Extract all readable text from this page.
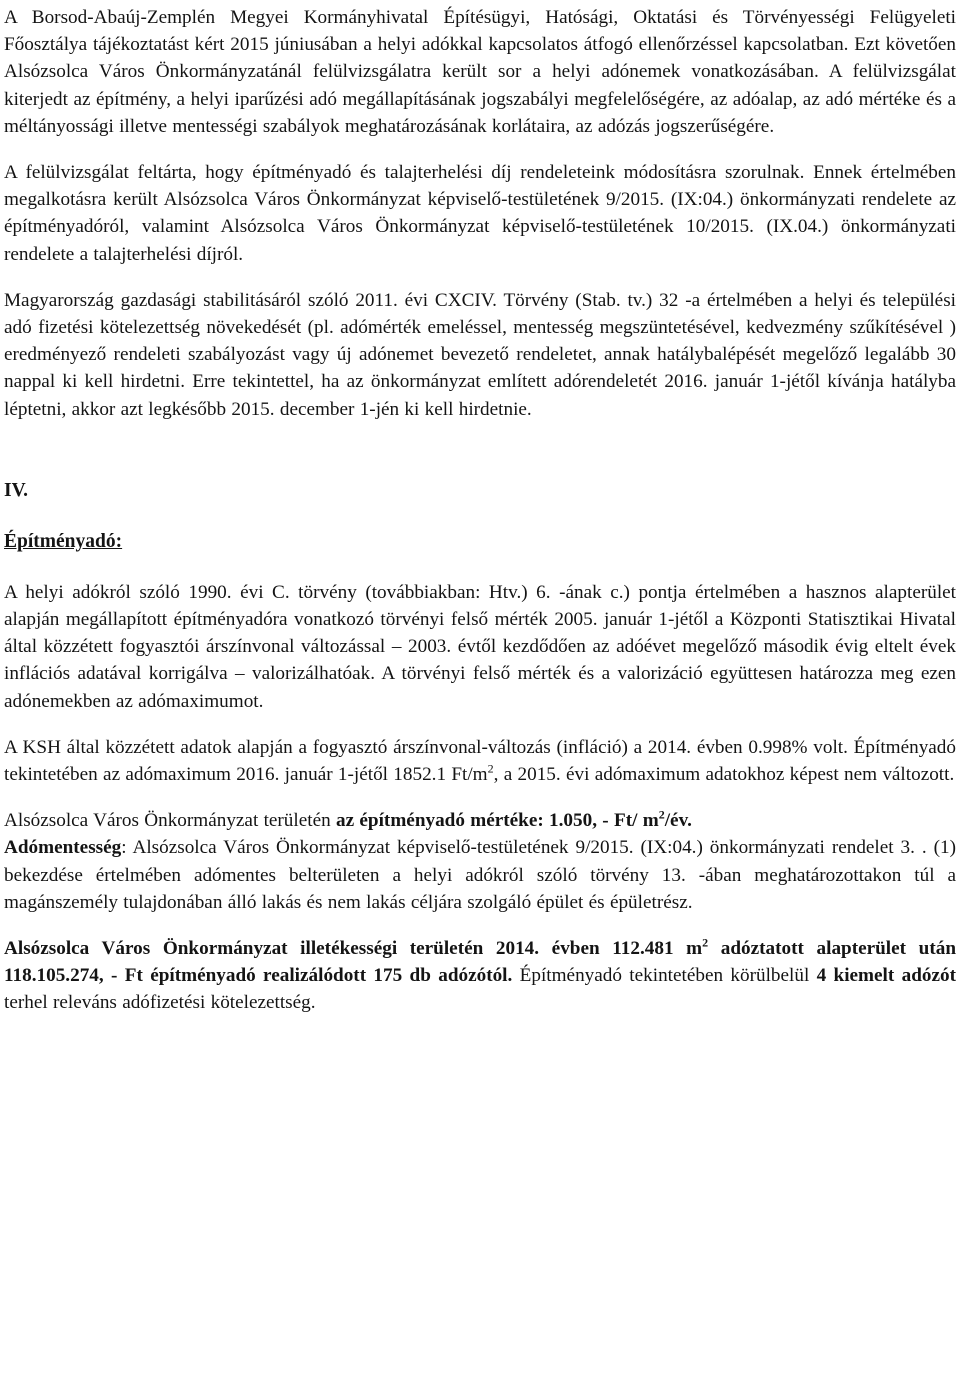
A Borsod-Abaúj-Zemplén Megyei Kormányhivatal Építésügyi, Hatósági, Oktatási és Törvényességi Felügyeleti Főosztálya tájékoztatást kért 2015 júniusában a helyi adókkal kapcsolatos átfogó ellenőrzéssel kapcsolatban. Ezt követően Alsózsolca Város Önkormányzatánál felülvizsgálatra került sor a helyi adónemek vonatkozásában. A felülvizsgálat kiterjedt az építmény, a helyi iparűzési adó megállapításának jogszabályi megfelelőségére, az adóalap, az adó mértéke és a méltányossági illetve mentességi szabályok meghatározásának korlátaira, az adózás jogszerűségére.

A felülvizsgálat feltárta, hogy építményadó és talajterhelési díj rendeleteink módosításra szorulnak. Ennek értelmében megalkotásra került Alsózsolca Város Önkormányzat képviselő-testületének 9/2015. (IX:04.) önkormányzati rendelete az építményadóról, valamint Alsózsolca Város Önkormányzat képviselő-testületének 10/2015. (IX.04.) önkormányzati rendelete a talajterhelési díjról.

Magyarország gazdasági stabilitásáról szóló 2011. évi CXCIV. Törvény (Stab. tv.) 32 -a értelmében a helyi és települési adó fizetési kötelezettség növekedését (pl. adómérték emeléssel, mentesség megszüntetésével, kedvezmény szűkítésével ) eredményező rendeleti szabályozást vagy új adónemet bevezető rendeletet, annak hatálybalépését megelőző legalább 30 nappal ki kell hirdetni. Erre tekintettel, ha az önkormányzat említett adórendeletét 2016. január 1-jétől kívánja hatályba léptetni, akkor azt legkésőbb 2015. december 1-jén ki kell hirdetnie.

IV.

Építményadó:

A helyi adókról szóló 1990. évi C. törvény (továbbiakban: Htv.) 6. -ának c.) pontja értelmében a hasznos alapterület alapján megállapított építményadóra vonatkozó törvényi felső mérték 2005. január 1-jétől a Központi Statisztikai Hivatal által közzétett fogyasztói árszínvonal változással – 2003. évtől kezdődően az adóévet megelőző második évig eltelt évek inflációs adatával korrigálva – valorizálhatóak. A törvényi felső mérték és a valorizáció együttesen határozza meg ezen adónemekben az adómaximumot.

A KSH által közzétett adatok alapján a fogyasztó árszínvonal-változás (infláció) a 2014. évben 0.998% volt. Építményadó tekintetében az adómaximum 2016. január 1-jétől 1852.1 $Ft/m^2$, a 2015. évi adómaximum adatokhoz képest nem változott.

Alsózsolca Város Önkormányzat területén az építményadó mértéke: 1.050, - Ft/ $m^2/év$.
Adómentesség: Alsózsolca Város Önkormányzat képviselő-testületének 9/2015. (IX:04.) önkormányzati rendelet 3. . (1) bekezdése értelmében adómentes belterületen a helyi adókról szóló törvény 13. -ában meghatározottakon túl a magánszemély tulajdonában álló lakás és nem lakás céljára szolgáló épület és épületrész.

Alsózsolca Város Önkormányzat illetékességi területén 2014. évben 112.481 $m^2$ adóztatott alapterület után 118.105.274, - Ft építményadó realizálódott 175 db adózótól. Építményadó tekintetében körülbelül 4 kiemelt adózót terhel releváns adófizetési kötelezettség.
